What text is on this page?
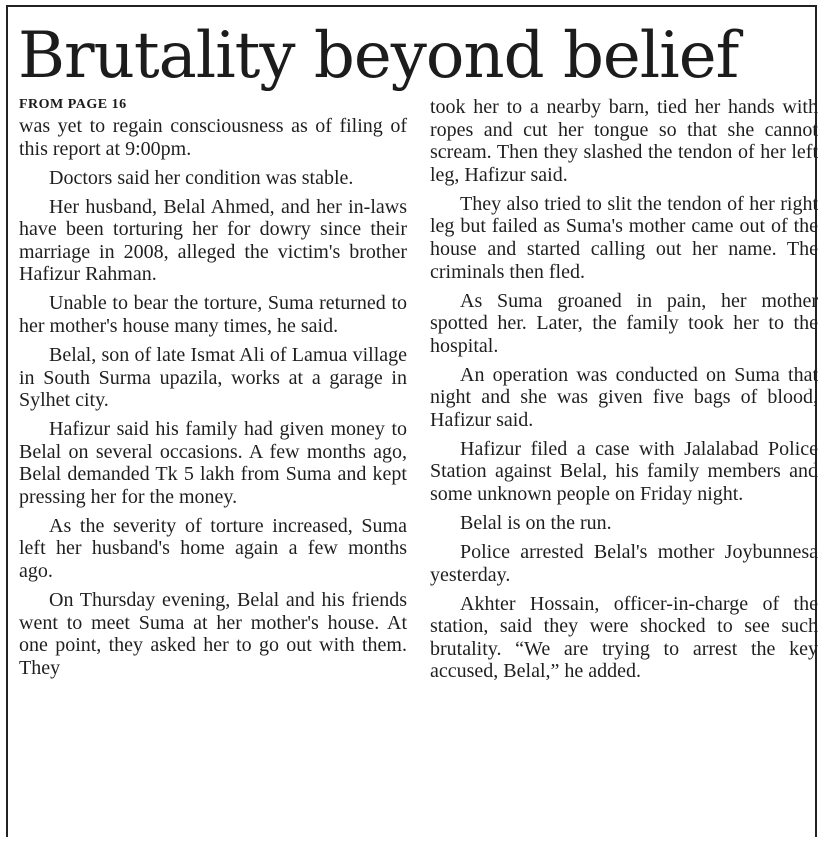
Brutality beyond belief
FROM PAGE 16

was yet to regain consciousness as of filing of this report at 9:00pm.

Doctors said her condition was stable.

Her husband, Belal Ahmed, and her in-laws have been torturing her for dowry since their marriage in 2008, alleged the victim's brother Hafizur Rahman.

Unable to bear the torture, Suma returned to her mother's house many times, he said.

Belal, son of late Ismat Ali of Lamua village in South Surma upazila, works at a garage in Sylhet city.

Hafizur said his family had given money to Belal on several occasions. A few months ago, Belal demanded Tk 5 lakh from Suma and kept pressing her for the money.

As the severity of torture increased, Suma left her husband's home again a few months ago.

On Thursday evening, Belal and his friends went to meet Suma at her mother's house. At one point, they asked her to go out with them. They

took her to a nearby barn, tied her hands with ropes and cut her tongue so that she cannot scream. Then they slashed the tendon of her left leg, Hafizur said.

They also tried to slit the tendon of her right leg but failed as Suma's mother came out of the house and started calling out her name. The criminals then fled.

As Suma groaned in pain, her mother spotted her. Later, the family took her to the hospital.

An operation was conducted on Suma that night and she was given five bags of blood, Hafizur said.

Hafizur filed a case with Jalalabad Police Station against Belal, his family members and some unknown people on Friday night.

Belal is on the run.

Police arrested Belal's mother Joybunnesa yesterday.

Akhter Hossain, officer-in-charge of the station, said they were shocked to see such brutality. “We are trying to arrest the key accused, Belal,” he added.
